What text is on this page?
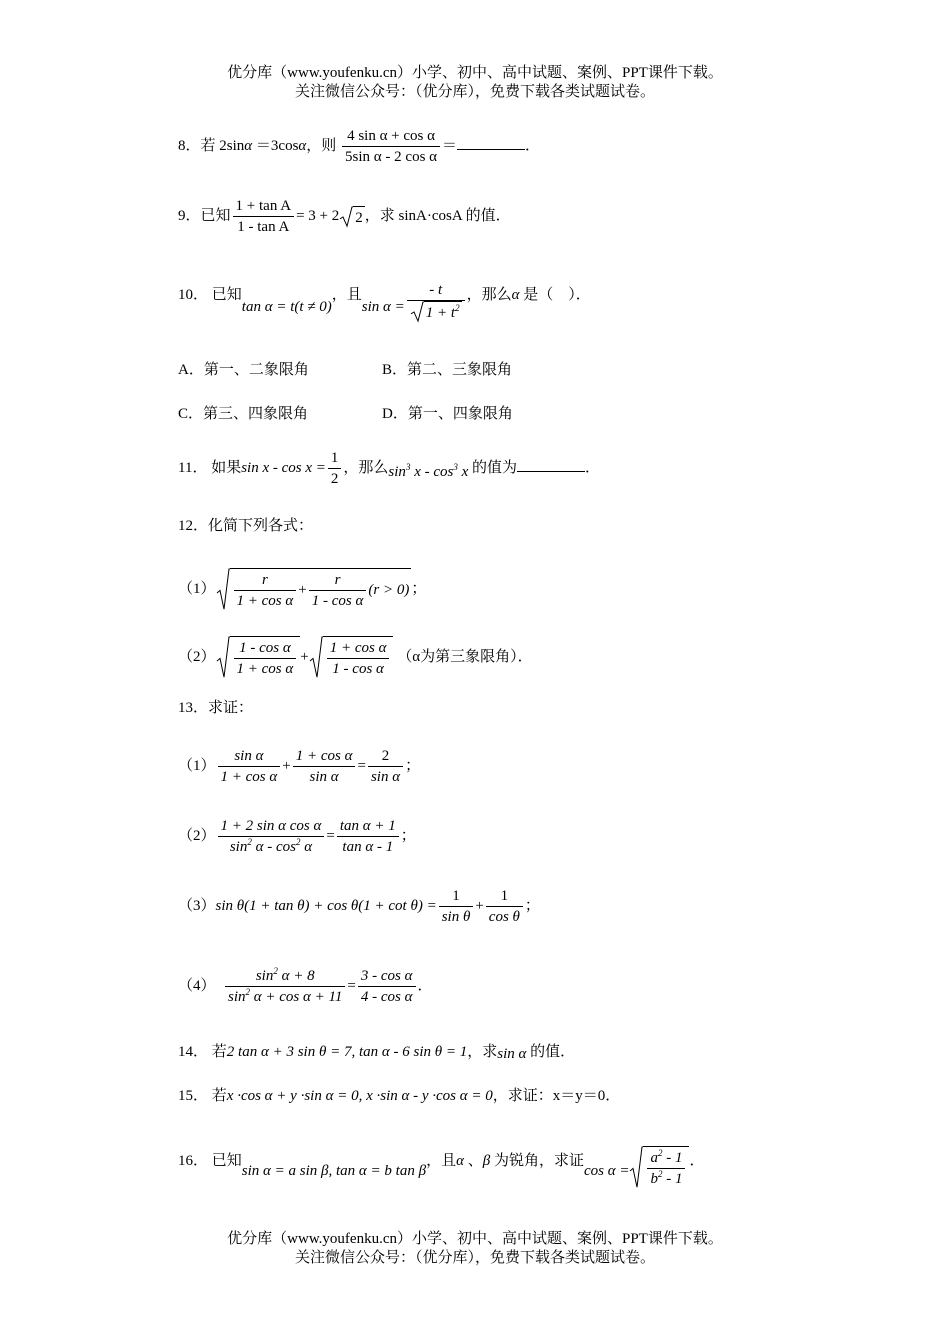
优分库（www.youfenku.cn）小学、初中、高中试题、案例、PPT课件下载。
关注微信公众号：（优分库），免费下载各类试题试卷。
8．若 2sinα ＝3cosα，则 $\frac{\text{4 sin α + cos α}}{\text{5sin α - 2 cos α}}$ ＝	．
9．已知 $\frac{\text{1 + tan A}}{\text{1 - tan A}} = 3 + 2$ 2 ，求 sinA·cosA 的值．
10． 已知tan α = t(t ≠ 0)，且$\sin \alpha = \frac{- t}{1 + t^2}$ ，那么α 是（　）．
A．第一、二象限角	B．第二、三象限角
C．第三、四象限角	D．第一、四象限角
11． 如果$\sin x - \cos x = \frac{1}{2}$ ，那么$\sin^3 x - \cos^3 x$ 的值为	．
12．化简下列各式：
$(1) \frac{r}{\text{1 + cos α}} + \frac{r}{\text{1 - cos α}} (r > 0)$ ；
$(2) \frac{\text{1 - cos α}}{\text{1 + cos α}} + \frac{\text{1 + cos α}}{\text{1 - cos α}} (\alpha$为第三象限角）．
13．求证：
$(1) \frac{\text{sin α}}{\text{1 + cos α}} + \frac{\text{1 + cos α}}{\text{sin α}} = \frac{2}{\text{sin α}}$ ；
$(2) \frac{\text{1 + 2 sin α cos α}}{\sin^2 \alpha - \cos^2 \alpha} = \frac{\text{tan α + 1}}{\text{tan α - 1}}$ ；
（3）sin $\theta(1 + \tan \theta) + \cos \theta(1 + \cot \theta) = \frac{1}{\text{sin θ}} + \frac{1}{\text{cos θ}}$ ；
$(4) \frac{\sin^2 \alpha + 8}{\sin^2 \alpha + \cos \alpha + 11} = \frac{\text{3 - cos α}}{\text{4 - cos α}}$ ．
14． 若2 tan α + 3 sin θ = 7, tan α - 6 sin θ = 1，求sin α 的值．
15． 若x ·cos α + y ·sin α = 0, x ·sin α - y ·cos α = 0，求证：x＝y＝0．
16． 已知sin α = a sin β, tan α = b tan β，且α 、β 为锐角，求证$\cos \alpha = \frac{a^2 - 1}{b^2 - 1}$ ．
优分库（www.youfenku.cn）小学、初中、高中试题、案例、PPT课件下载。
关注微信公众号：（优分库），免费下载各类试题试卷。
